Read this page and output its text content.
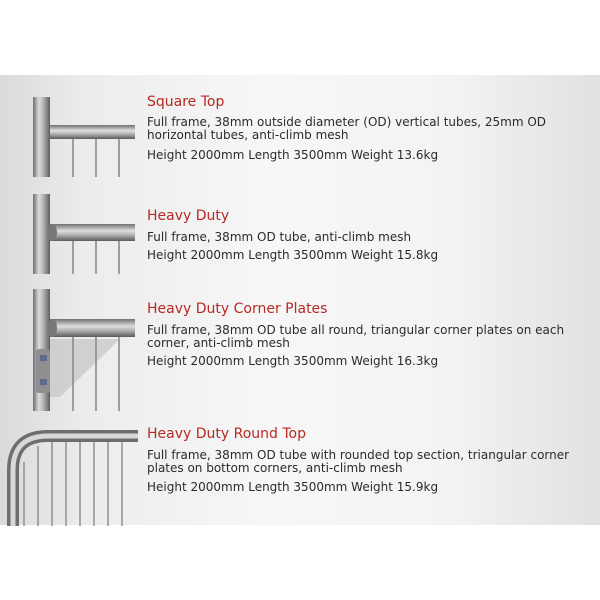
Square Top
Full frame, 38mm outside diameter (OD) vertical tubes, 25mm OD horizontal tubes, anti-climb mesh
Height 2000mm Length 3500mm Weight 13.6kg
Heavy Duty
Full frame, 38mm OD tube, anti-climb mesh
Height 2000mm Length 3500mm Weight 15.8kg
Heavy Duty Corner Plates
Full frame, 38mm OD tube all round, triangular corner plates on each corner, anti-climb mesh
Height 2000mm Length 3500mm Weight 16.3kg
Heavy Duty Round Top
Full frame, 38mm OD tube with rounded top section, triangular corner plates on bottom corners, anti-climb mesh
Height 2000mm Length 3500mm Weight 15.9kg
